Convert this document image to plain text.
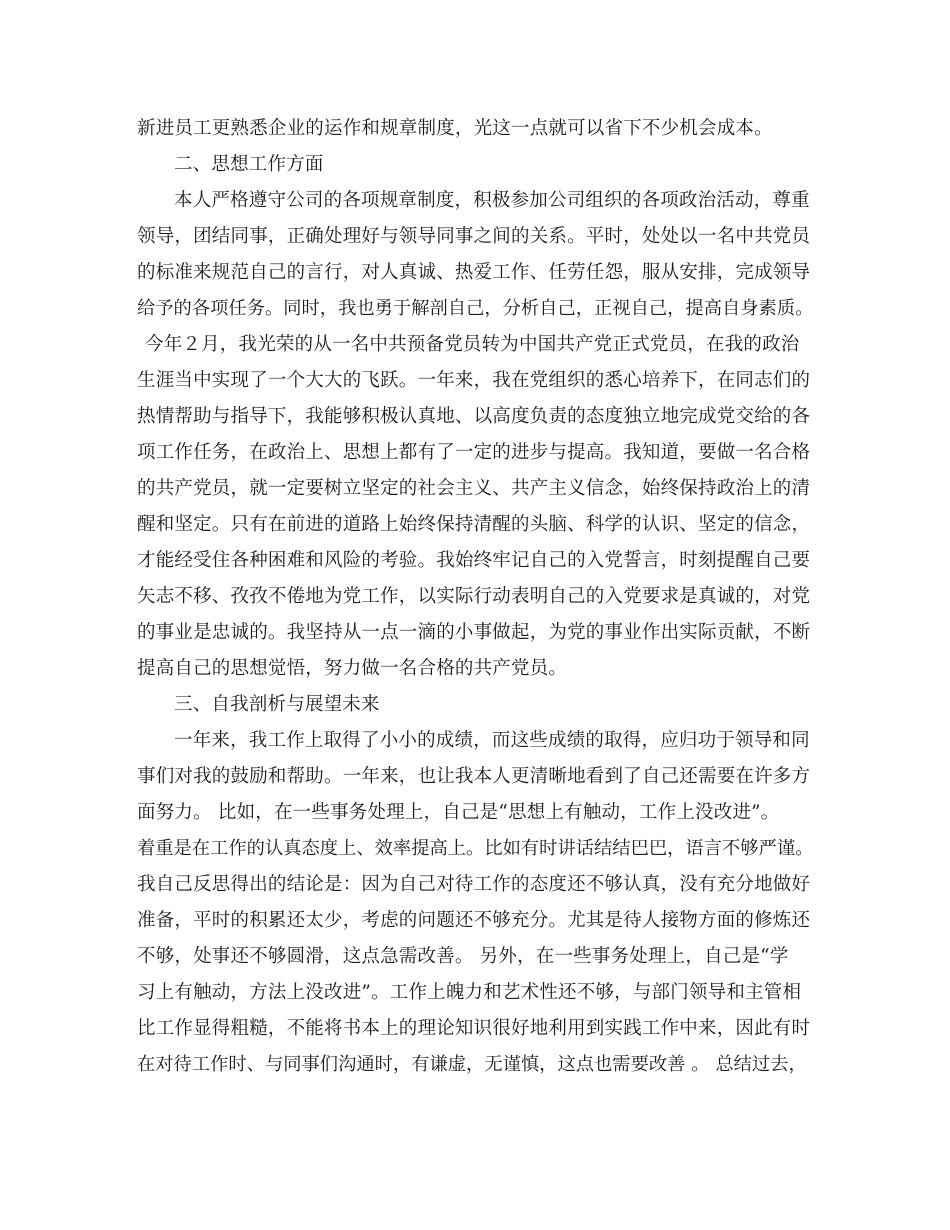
新进员工更熟悉企业的运作和规章制度，光这一点就可以省下不少机会成本。
二、思想工作方面
本人严格遵守公司的各项规章制度，积极参加公司组织的各项政治活动，尊重
领导，团结同事，正确处理好与领导同事之间的关系。平时，处处以一名中共党员
的标准来规范自己的言行，对人真诚、热爱工作、任劳任怨，服从安排，完成领导
给予的各项任务。同时，我也勇于解剖自己，分析自己，正视自己，提高自身素质。
今年２月，我光荣的从一名中共预备党员转为中国共产党正式党员，在我的政治
生涯当中实现了一个大大的飞跃。一年来，我在党组织的悉心培养下，在同志们的
热情帮助与指导下，我能够积极认真地、以高度负责的态度独立地完成党交给的各
项工作任务，在政治上、思想上都有了一定的进步与提高。我知道，要做一名合格
的共产党员，就一定要树立坚定的社会主义、共产主义信念，始终保持政治上的清
醒和坚定。只有在前进的道路上始终保持清醒的头脑、科学的认识、坚定的信念，
才能经受住各种困难和风险的考验。我始终牢记自己的入党誓言，时刻提醒自己要
矢志不移、孜孜不倦地为党工作，以实际行动表明自己的入党要求是真诚的，对党
的事业是忠诚的。我坚持从一点一滴的小事做起，为党的事业作出实际贡献，不断
提高自己的思想觉悟，努力做一名合格的共产党员。
三、自我剖析与展望未来
一年来，我工作上取得了小小的成绩，而这些成绩的取得，应归功于领导和同
事们对我的鼓励和帮助。一年来，也让我本人更清晰地看到了自己还需要在许多方
面努力。 比如，在一些事务处理上，自己是“思想上有触动，工作上没改进”。
着重是在工作的认真态度上、效率提高上。比如有时讲话结结巴巴，语言不够严谨。
我自己反思得出的结论是：因为自己对待工作的态度还不够认真，没有充分地做好
准备，平时的积累还太少，考虑的问题还不够充分。尤其是待人接物方面的修炼还
不够，处事还不够圆滑，这点急需改善。 另外，在一些事务处理上，自己是“学
习上有触动，方法上没改进”。工作上魄力和艺术性还不够，与部门领导和主管相
比工作显得粗糙，不能将书本上的理论知识很好地利用到实践工作中来，因此有时
在对待工作时、与同事们沟通时，有谦虚，无谨慎，这点也需要改善 。 总结过去，
